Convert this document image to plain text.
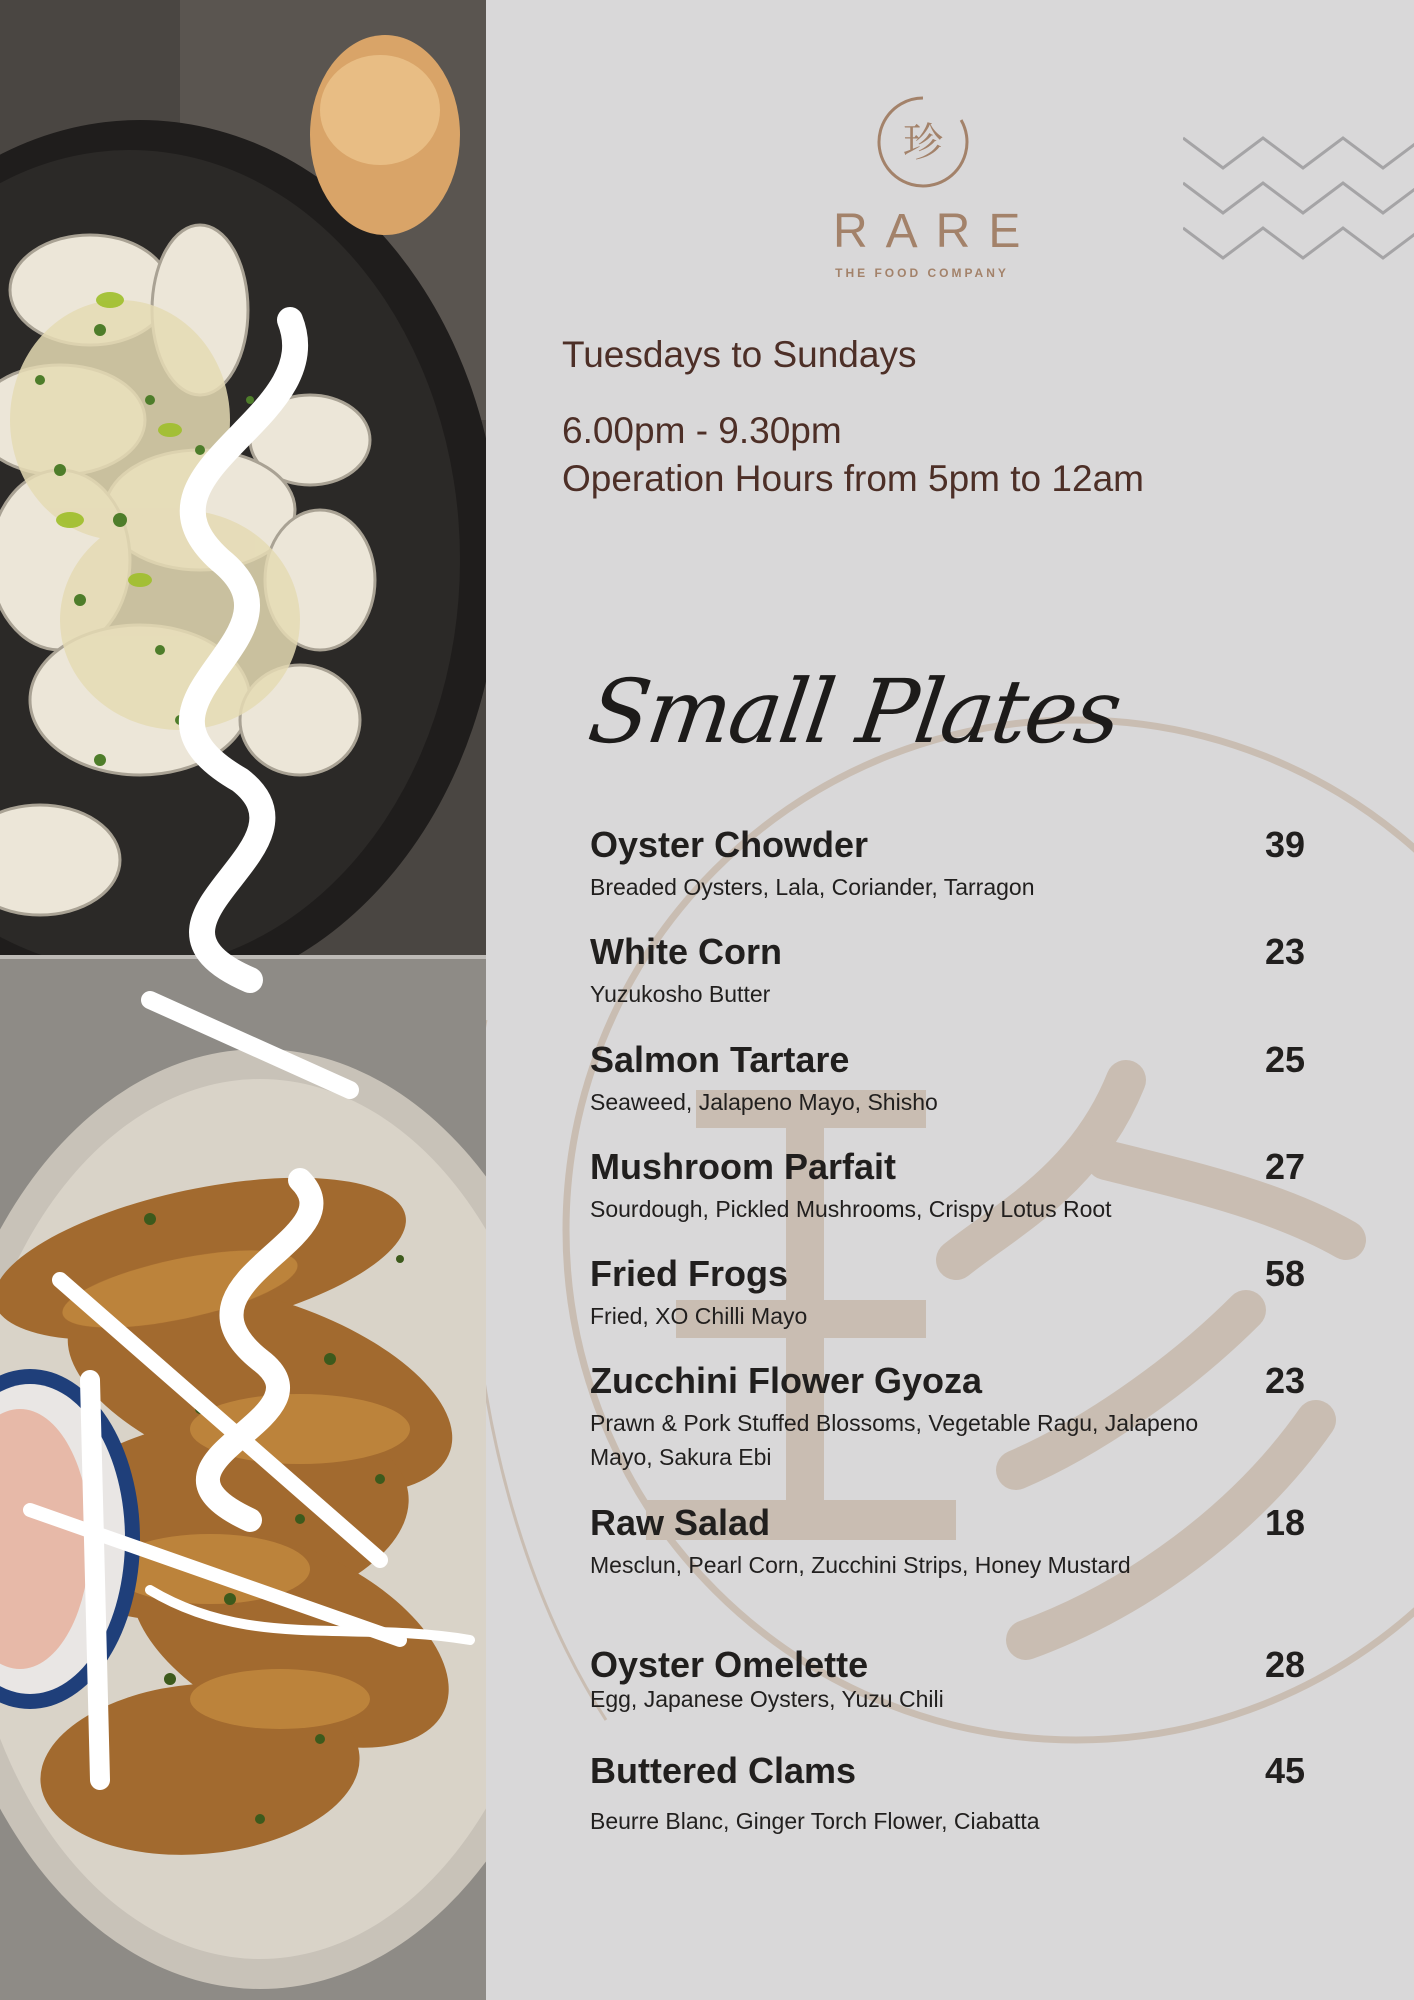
珍
RARE
THE FOOD COMPANY
Tuesdays to Sundays
6.00pm - 9.30pm
Operation Hours from 5pm to 12am
Small Plates
Oyster Chowder	39
Breaded Oysters, Lala, Coriander, Tarragon
White Corn	23
Yuzukosho Butter
Salmon Tartare	25
Seaweed, Jalapeno Mayo, Shisho
Mushroom Parfait	27
Sourdough, Pickled Mushrooms, Crispy Lotus Root
Fried Frogs	58
Fried, XO Chilli Mayo
Zucchini Flower Gyoza	23
Prawn & Pork Stuffed Blossoms, Vegetable Ragu, Jalapeno Mayo, Sakura Ebi
Raw Salad	18
Mesclun, Pearl Corn, Zucchini Strips, Honey Mustard
Oyster Omelette	28
Egg, Japanese Oysters, Yuzu Chili
Buttered Clams	45
Beurre Blanc, Ginger Torch Flower, Ciabatta
